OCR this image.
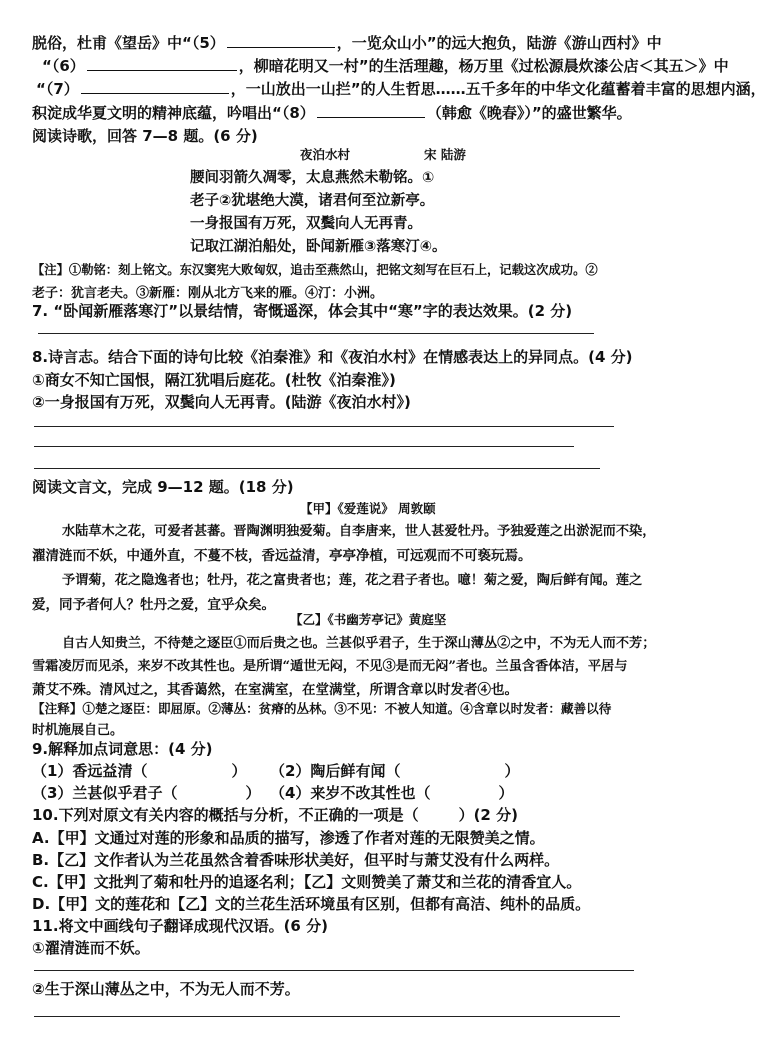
脱俗，杜甫《望岳》中“（5）	，一览众山小”的远大抱负，陆游《游山西村》中
“（6）	，柳暗花明又一村”的生活理趣，杨万里《过松源晨炊漆公店＜其五＞》中
“（7）	，一山放出一山拦”的人生哲思……五千多年的中华文化蕴蓄着丰富的思想内涵，
积淀成华夏文明的精神底蕴，吟唱出“（8）	（韩愈《晚春》）”的盛世繁华。
阅读诗歌，回答 7—8 题。(6 分)
夜泊水村	宋 陆游
腰间羽箭久凋零，太息燕然未勒铭。①
老子②犹堪绝大漠，诸君何至泣新亭。
一身报国有万死，双鬓向人无再青。
记取江湖泊船处，卧闻新雁③落寒汀④。
【注】①勒铭：刻上铭文。东汉窦宪大败匈奴，追击至燕然山，把铭文刻写在巨石上，记载这次成功。②
老子：犹言老夫。③新雁：刚从北方飞来的雁。④汀：小洲。
7. “卧闻新雁落寒汀”以景结情，寄慨遥深，体会其中“寒”字的表达效果。(2 分)
8.诗言志。结合下面的诗句比较《泊秦淮》和《夜泊水村》在情感表达上的异同点。(4 分)
①商女不知亡国恨，隔江犹唱后庭花。(杜牧《泊秦淮》)
②一身报国有万死，双鬓向人无再青。(陆游《夜泊水村》)
阅读文言文，完成 9—12 题。(18 分)
【甲】《爱莲说》 周敦颐
水陆草木之花，可爱者甚蕃。晋陶渊明独爱菊。自李唐来，世人甚爱牡丹。予独爱莲之出淤泥而不染，
濯清涟而不妖，中通外直，不蔓不枝，香远益清，亭亭净植，可远观而不可亵玩焉。
予谓菊，花之隐逸者也；牡丹，花之富贵者也；莲，花之君子者也。噫！菊之爱，陶后鲜有闻。莲之
爱，同予者何人？牡丹之爱，宜乎众矣。
【乙】《书幽芳亭记》黄庭坚
自古人知贵兰，不待楚之逐臣①而后贵之也。兰甚似乎君子，生于深山薄丛②之中，不为无人而不芳；
雪霜凌厉而见杀，来岁不改其性也。是所谓“遁世无闷，不见③是而无闷”者也。兰虽含香体洁，平居与
萧艾不殊。清风过之，其香蔼然，在室满室，在堂满堂，所谓含章以时发者④也。
【注释】①楚之逐臣：即屈原。②薄丛：贫瘠的丛林。③不见：不被人知道。④含章以时发者：藏善以待
时机施展自己。
9.解释加点词意思：(4 分)
（1）香远益清（	） （2）陶后鲜有闻（	）
（3）兰甚似乎君子（	） （4）来岁不改其性也（	）
10.下列对原文有关内容的概括与分析，不正确的一项是（	）(2 分)
A.【甲】文通过对莲的形象和品质的描写，渗透了作者对莲的无限赞美之情。
B.【乙】文作者认为兰花虽然含着香味形状美好，但平时与萧艾没有什么两样。
C.【甲】文批判了菊和牡丹的追逐名利；【乙】文则赞美了萧艾和兰花的清香宜人。
D.【甲】文的莲花和【乙】文的兰花生活环境虽有区别，但都有高洁、纯朴的品质。
11.将文中画线句子翻译成现代汉语。(6 分)
①濯清涟而不妖。
②生于深山薄丛之中，不为无人而不芳。
